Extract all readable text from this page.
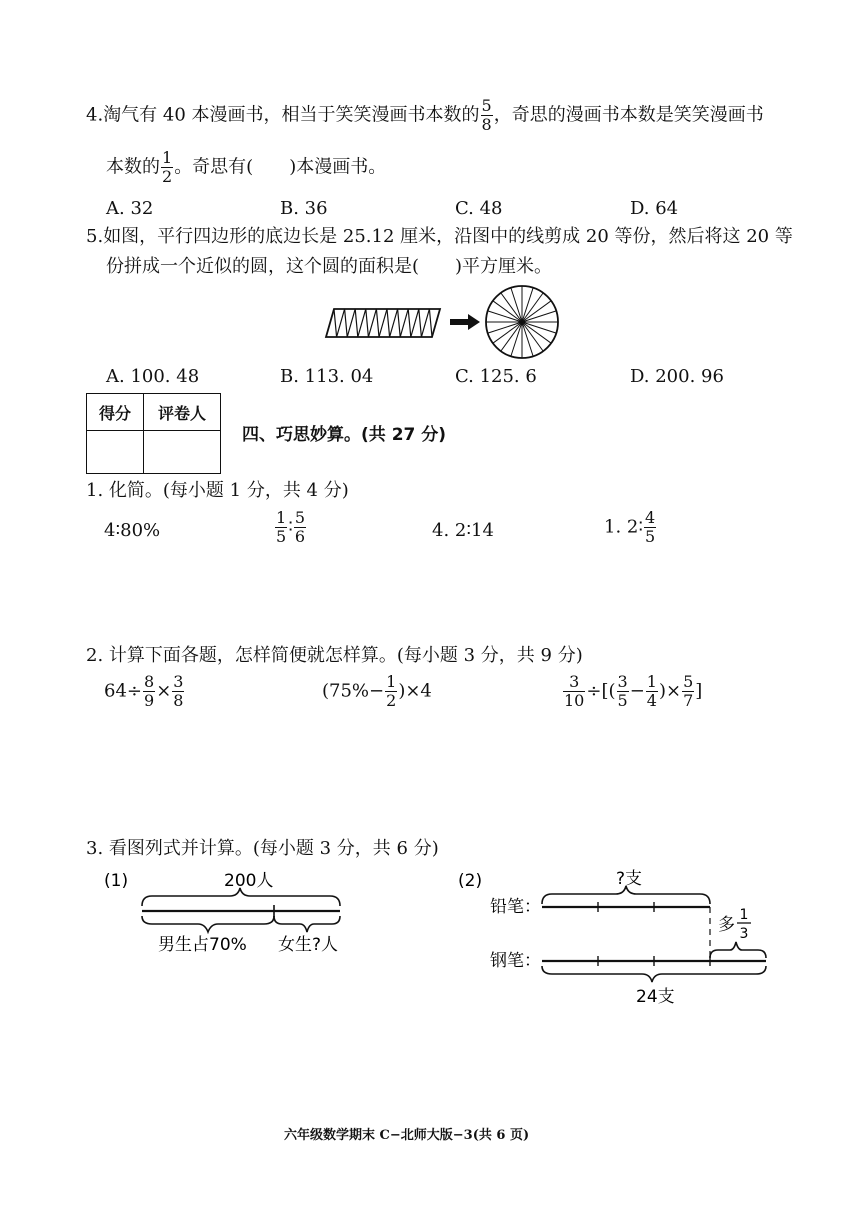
4.淘气有 40 本漫画书，相当于笑笑漫画书本数的 $\frac{5}{8}$ ，奇思的漫画书本数是笑笑漫画书
本数的 $\frac{1}{2}$ 。奇思有(　　)本漫画书。
A. 32	B. 36	C. 48	D. 64
5.如图，平行四边形的底边长是 25.12 厘米，沿图中的线剪成 20 等份，然后将这 20 等
份拼成一个近似的圆，这个圆的面积是(　　)平方厘米。
A. 100. 48	B. 113. 04	C. 125. 6	D. 200. 96
得分	评卷人

四、巧思妙算。(共 27 分)
1. 化简。(每小题 1 分，共 4 分)
4∶80%	$\frac{1}{5}$ ∶ $\frac{5}{6}$	4. 2∶14	1. 2∶ $\frac{4}{5}$
2. 计算下面各题，怎样简便就怎样算。(每小题 3 分，共 9 分)
$64\div \frac{8}{9} \times \frac{3}{8}$	$(75\%- \frac{1}{2} )\times 4$	$\frac{3}{10}$ ÷[( $\frac{3}{5} - \frac{1}{4}$ )× $\frac{5}{7}$ ]
3. 看图列式并计算。(每小题 3 分，共 6 分)
(1)	200人
男生占70% 女生?人
(2)	?支
铅笔：
多 1
3
钢笔：
24支
六年级数学期末 C−北师大版−3(共 6 页)
